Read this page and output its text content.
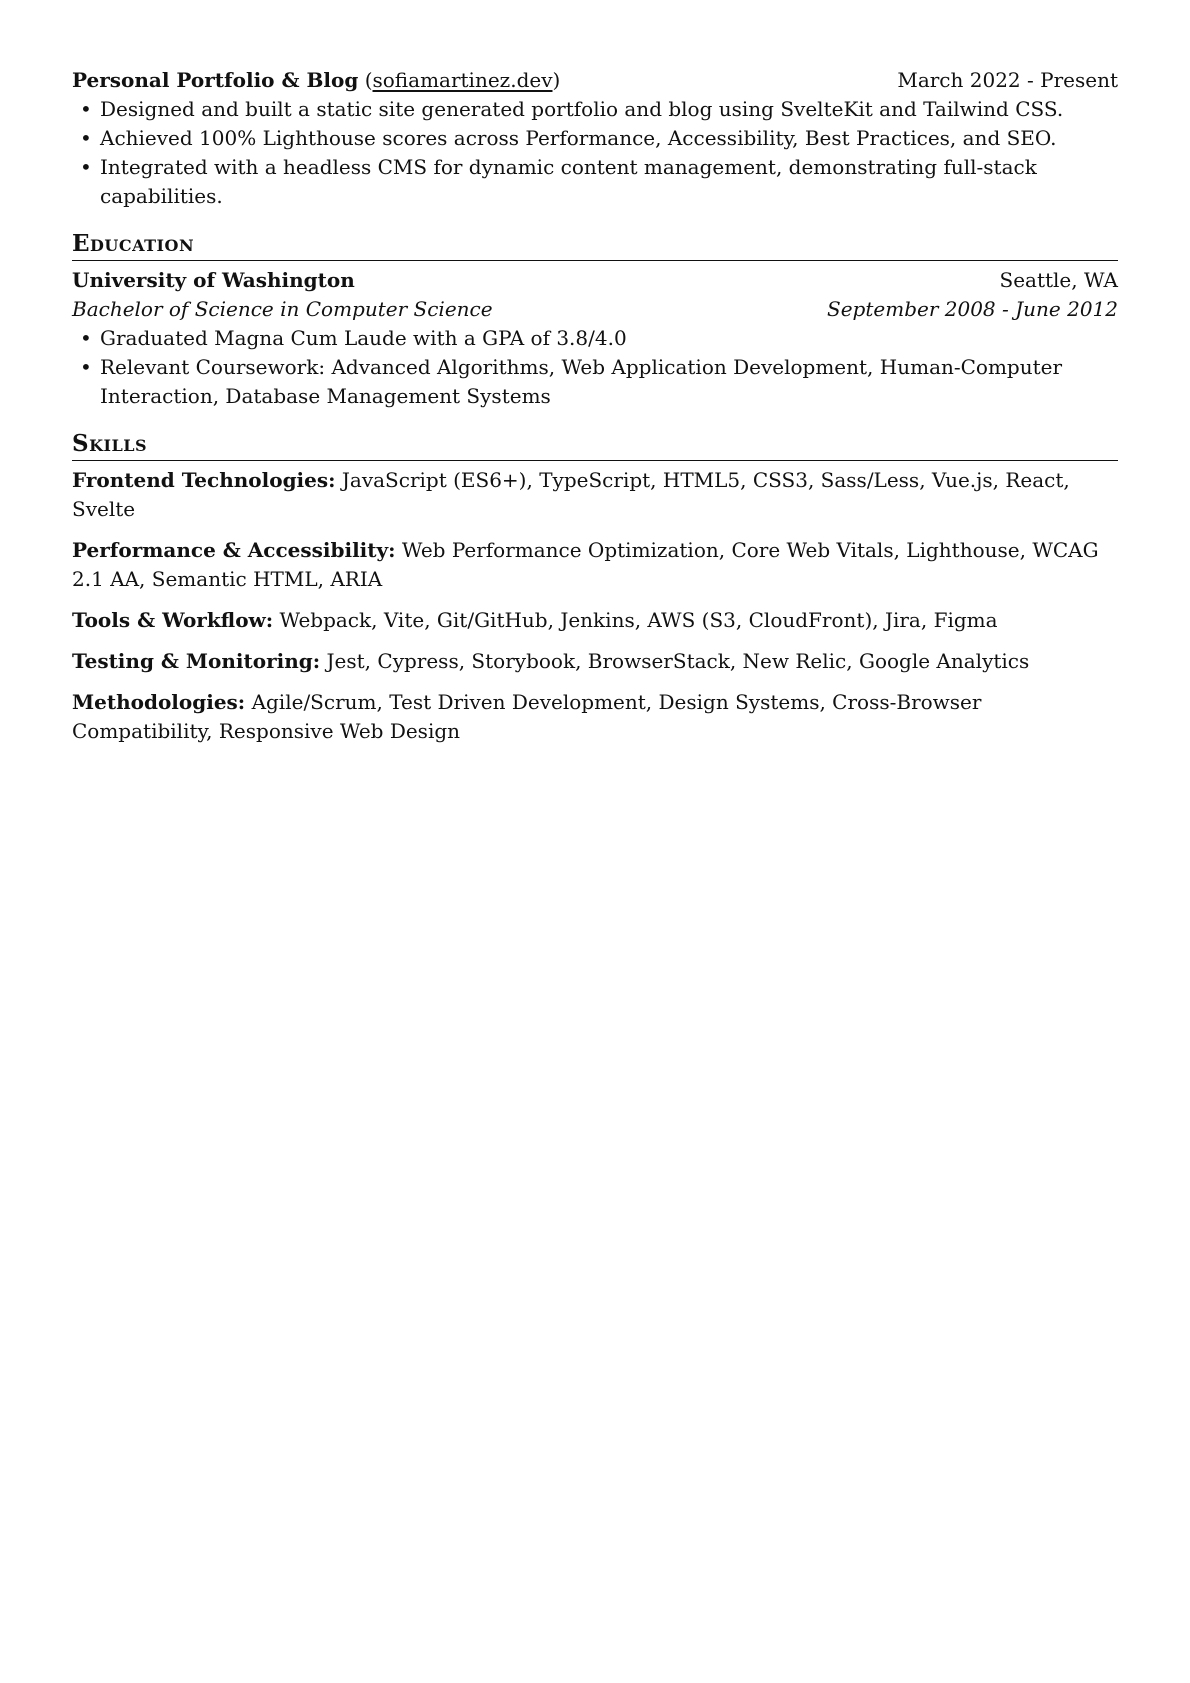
Personal Portfolio & Blog (sofiamartinez.dev)	March 2022 - Present
• Designed and built a static site generated portfolio and blog using SvelteKit and Tailwind CSS.
• Achieved 100% Lighthouse scores across Performance, Accessibility, Best Practices, and SEO.
• Integrated with a headless CMS for dynamic content management, demonstrating full-stack capabilities.
Education
University of Washington	Seattle, WA
Bachelor of Science in Computer Science	September 2008 - June 2012
• Graduated Magna Cum Laude with a GPA of 3.8/4.0
• Relevant Coursework: Advanced Algorithms, Web Application Development, Human-Computer Interaction, Database Management Systems
Skills
Frontend Technologies: JavaScript (ES6+), TypeScript, HTML5, CSS3, Sass/Less, Vue.js, React, Svelte
Performance & Accessibility: Web Performance Optimization, Core Web Vitals, Lighthouse, WCAG 2.1 AA, Semantic HTML, ARIA
Tools & Workflow: Webpack, Vite, Git/GitHub, Jenkins, AWS (S3, CloudFront), Jira, Figma
Testing & Monitoring: Jest, Cypress, Storybook, BrowserStack, New Relic, Google Analytics
Methodologies: Agile/Scrum, Test Driven Development, Design Systems, Cross-Browser Compatibility, Responsive Web Design
